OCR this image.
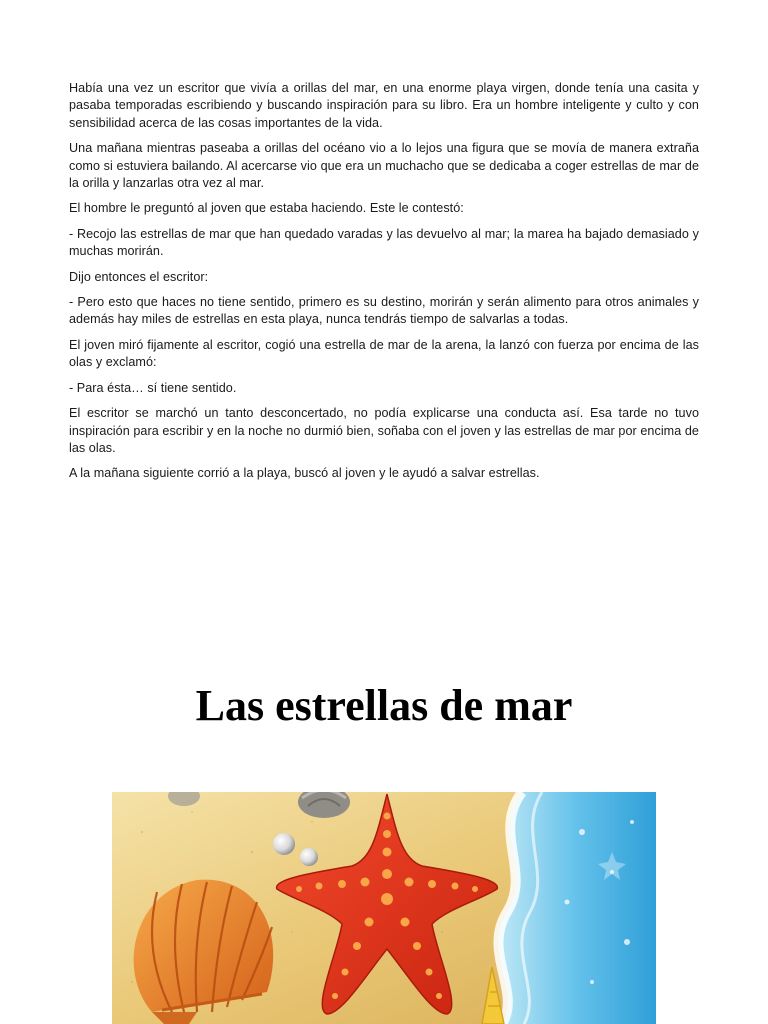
Había una vez un escritor que vivía a orillas del mar, en una enorme playa virgen, donde tenía una casita y pasaba temporadas escribiendo y buscando inspiración para su libro. Era un hombre inteligente y culto y con sensibilidad acerca de las cosas importantes de la vida.

Una mañana mientras paseaba a orillas del océano vio a lo lejos una figura que se movía de manera extraña como si estuviera bailando. Al acercarse vio que era un muchacho que se dedicaba a coger estrellas de mar de la orilla y lanzarlas otra vez al mar.

El hombre le preguntó al joven que estaba haciendo. Este le contestó:

- Recojo las estrellas de mar que han quedado varadas y las devuelvo al mar; la marea ha bajado demasiado y muchas morirán.

Dijo entonces el escritor:

- Pero esto que haces no tiene sentido, primero es su destino, morirán y serán alimento para otros animales y además hay miles de estrellas en esta playa, nunca tendrás tiempo de salvarlas a todas.

El joven miró fijamente al escritor, cogió una estrella de mar de la arena, la lanzó con fuerza por encima de las olas y exclamó:

- Para ésta… sí tiene sentido.

El escritor se marchó un tanto desconcertado, no podía explicarse una conducta así. Esa tarde no tuvo inspiración para escribir y en la noche no durmió bien, soñaba con el joven y las estrellas de mar por encima de las olas.

A la mañana siguiente corrió a la playa, buscó al joven y le ayudó a salvar estrellas.

Las estrellas de mar
